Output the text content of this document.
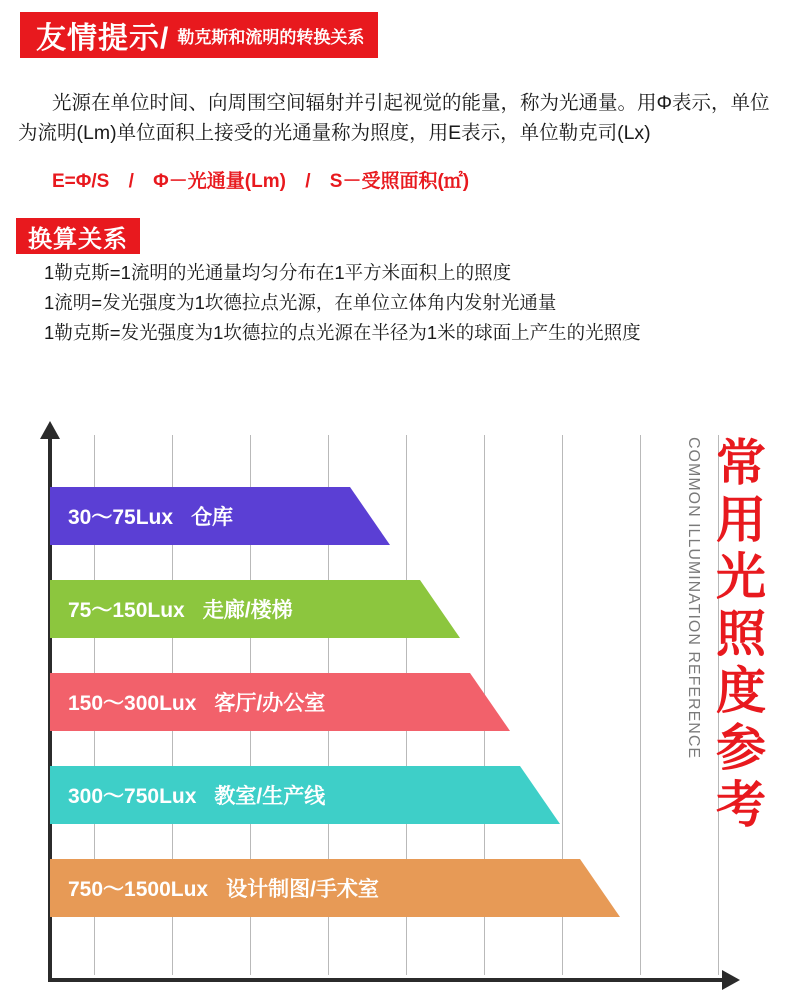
友情提示/ 勒克斯和流明的转换关系

光源在单位时间、向周围空间辐射并引起视觉的能量，称为光通量。用Φ表示，单位为流明(Lm)单位面积上接受的光通量称为照度，用E表示，单位勒克司(Lx)

E=Φ/S / Φ－光通量(Lm) / S－受照面积(㎡)
换算关系
1勒克斯=1流明的光通量均匀分布在1平方米面积上的照度
1流明=发光强度为1坎德拉点光源，在单位立体角内发射光通量
1勒克斯=发光强度为1坎德拉的点光源在半径为1米的球面上产生的光照度
30～75Lux 仓库
75～150Lux 走廊/楼梯
150～300Lux 客厅/办公室
300～750Lux 教室/生产线
750～1500Lux 设计制图/手术室
COMMON ILLUMINATION REFERENCE 常
用
光
照
度
参
考
